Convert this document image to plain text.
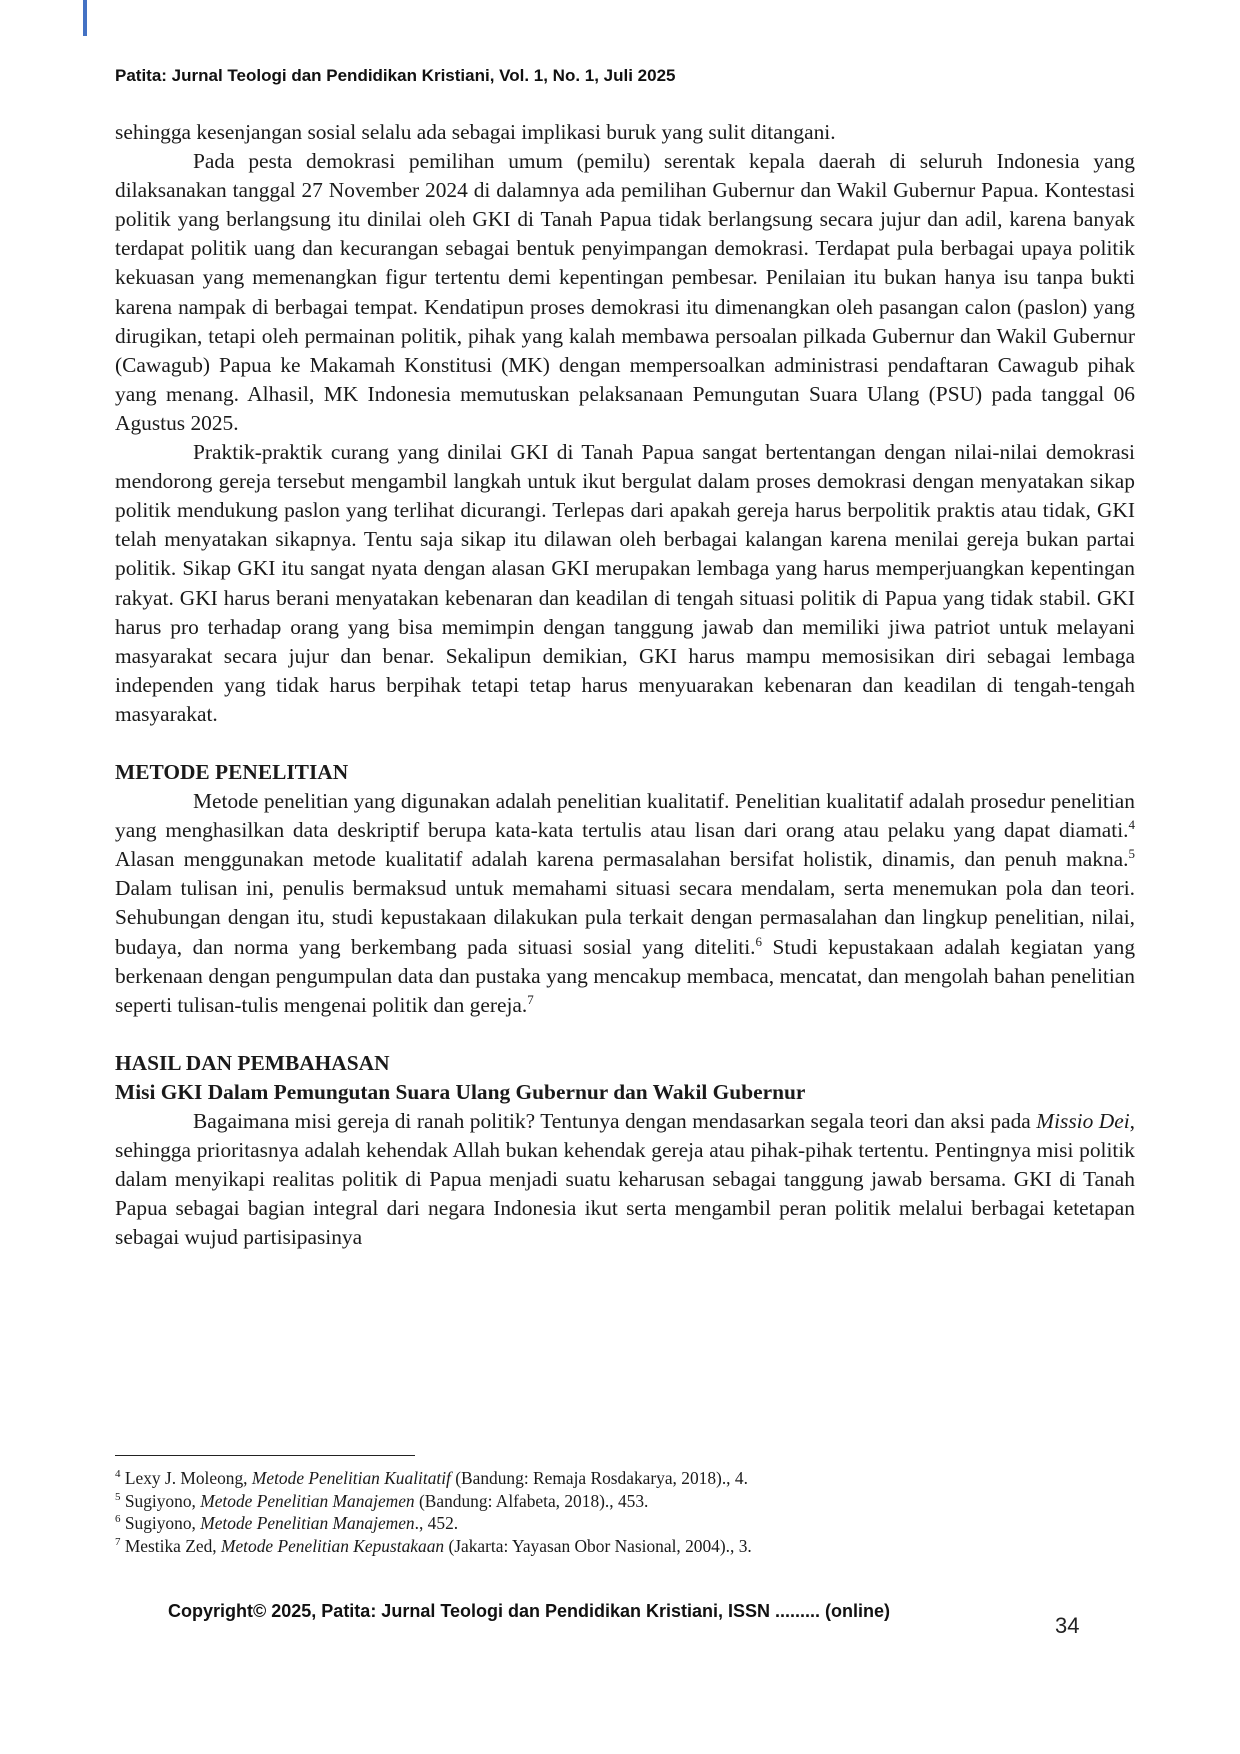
Patita: Jurnal Teologi dan Pendidikan Kristiani, Vol. 1, No. 1, Juli 2025

sehingga kesenjangan sosial selalu ada sebagai implikasi buruk yang sulit ditangani.

Pada pesta demokrasi pemilihan umum (pemilu) serentak kepala daerah di seluruh Indonesia yang dilaksanakan tanggal 27 November 2024 di dalamnya ada pemilihan Gubernur dan Wakil Gubernur Papua. Kontestasi politik yang berlangsung itu dinilai oleh GKI di Tanah Papua tidak berlangsung secara jujur dan adil, karena banyak terdapat politik uang dan kecurangan sebagai bentuk penyimpangan demokrasi. Terdapat pula berbagai upaya politik kekuasan yang memenangkan figur tertentu demi kepentingan pembesar. Penilaian itu bukan hanya isu tanpa bukti karena nampak di berbagai tempat. Kendatipun proses demokrasi itu dimenangkan oleh pasangan calon (paslon) yang dirugikan, tetapi oleh permainan politik, pihak yang kalah membawa persoalan pilkada Gubernur dan Wakil Gubernur (Cawagub) Papua ke Makamah Konstitusi (MK) dengan mempersoalkan administrasi pendaftaran Cawagub pihak yang menang. Alhasil, MK Indonesia memutuskan pelaksanaan Pemungutan Suara Ulang (PSU) pada tanggal 06 Agustus 2025.

Praktik-praktik curang yang dinilai GKI di Tanah Papua sangat bertentangan dengan nilai-nilai demokrasi mendorong gereja tersebut mengambil langkah untuk ikut bergulat dalam proses demokrasi dengan menyatakan sikap politik mendukung paslon yang terlihat dicurangi. Terlepas dari apakah gereja harus berpolitik praktis atau tidak, GKI telah menyatakan sikapnya. Tentu saja sikap itu dilawan oleh berbagai kalangan karena menilai gereja bukan partai politik. Sikap GKI itu sangat nyata dengan alasan GKI merupakan lembaga yang harus memperjuangkan kepentingan rakyat. GKI harus berani menyatakan kebenaran dan keadilan di tengah situasi politik di Papua yang tidak stabil. GKI harus pro terhadap orang yang bisa memimpin dengan tanggung jawab dan memiliki jiwa patriot untuk melayani masyarakat secara jujur dan benar. Sekalipun demikian, GKI harus mampu memosisikan diri sebagai lembaga independen yang tidak harus berpihak tetapi tetap harus menyuarakan kebenaran dan keadilan di tengah-tengah masyarakat.

METODE PENELITIAN

Metode penelitian yang digunakan adalah penelitian kualitatif. Penelitian kualitatif adalah prosedur penelitian yang menghasilkan data deskriptif berupa kata-kata tertulis atau lisan dari orang atau pelaku yang dapat diamati.$^4$ Alasan menggunakan metode kualitatif adalah karena permasalahan bersifat holistik, dinamis, dan penuh makna.$^5$ Dalam tulisan ini, penulis bermaksud untuk memahami situasi secara mendalam, serta menemukan pola dan teori. Sehubungan dengan itu, studi kepustakaan dilakukan pula terkait dengan permasalahan dan lingkup penelitian, nilai, budaya, dan norma yang berkembang pada situasi sosial yang diteliti.$^6$ Studi kepustakaan adalah kegiatan yang berkenaan dengan pengumpulan data dan pustaka yang mencakup membaca, mencatat, dan mengolah bahan penelitian seperti tulisan-tulis mengenai politik dan gereja.$^7$

HASIL DAN PEMBAHASAN
Misi GKI Dalam Pemungutan Suara Ulang Gubernur dan Wakil Gubernur

Bagaimana misi gereja di ranah politik? Tentunya dengan mendasarkan segala teori dan aksi pada Missio Dei, sehingga prioritasnya adalah kehendak Allah bukan kehendak gereja atau pihak-pihak tertentu. Pentingnya misi politik dalam menyikapi realitas politik di Papua menjadi suatu keharusan sebagai tanggung jawab bersama. GKI di Tanah Papua sebagai bagian integral dari negara Indonesia ikut serta mengambil peran politik melalui berbagai ketetapan sebagai wujud partisipasinya

$^4$ Lexy J. Moleong, Metode Penelitian Kualitatif (Bandung: Remaja Rosdakarya, 2018)., 4.

$^5$ Sugiyono, Metode Penelitian Manajemen (Bandung: Alfabeta, 2018)., 453.

$^6$ Sugiyono, Metode Penelitian Manajemen., 452.

$^7$ Mestika Zed, Metode Penelitian Kepustakaan (Jakarta: Yayasan Obor Nasional, 2004)., 3.

Copyright© 2025, Patita: Jurnal Teologi dan Pendidikan Kristiani, ISSN ......... (online)
34
